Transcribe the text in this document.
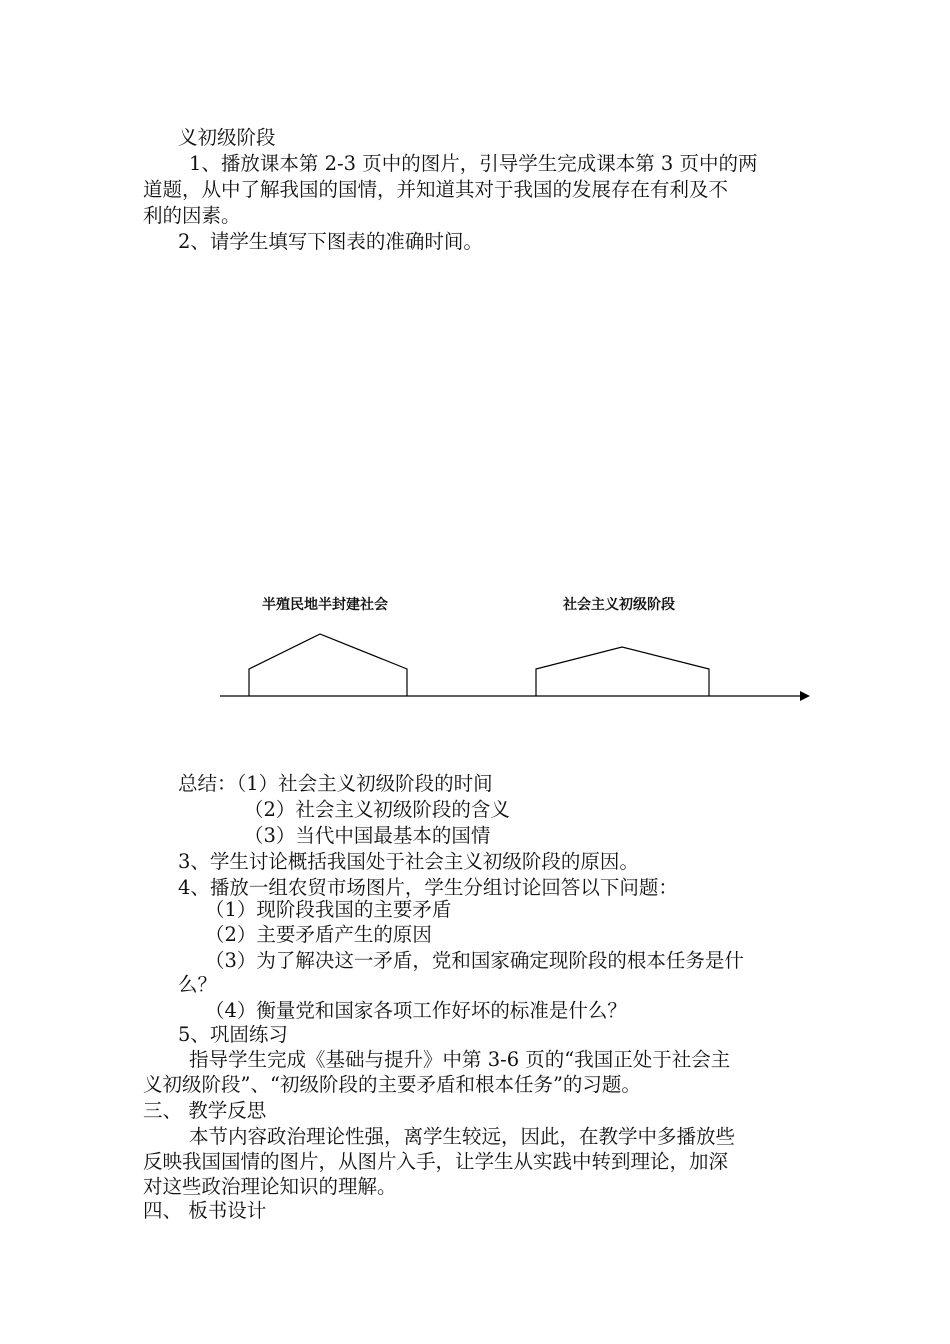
义初级阶段
1、播放课本第 2-3 页中的图片，引导学生完成课本第 3 页中的两
道题，从中了解我国的国情，并知道其对于我国的发展存在有利及不
利的因素。
2、请学生填写下图表的准确时间。
半殖民地半封建社会	社会主义初级阶段
总结：（1）社会主义初级阶段的时间
（2）社会主义初级阶段的含义
（3）当代中国最基本的国情
3、学生讨论概括我国处于社会主义初级阶段的原因。
4、播放一组农贸市场图片，学生分组讨论回答以下问题：
（1）现阶段我国的主要矛盾
（2）主要矛盾产生的原因
（3）为了解决这一矛盾，党和国家确定现阶段的根本任务是什
么？
（4）衡量党和国家各项工作好坏的标准是什么？
5、巩固练习
指导学生完成《基础与提升》中第 3-6 页的“我国正处于社会主
义初级阶段”、“初级阶段的主要矛盾和根本任务”的习题。
三、 教学反思
本节内容政治理论性强，离学生较远，因此，在教学中多播放些
反映我国国情的图片，从图片入手，让学生从实践中转到理论，加深
对这些政治理论知识的理解。
四、 板书设计
